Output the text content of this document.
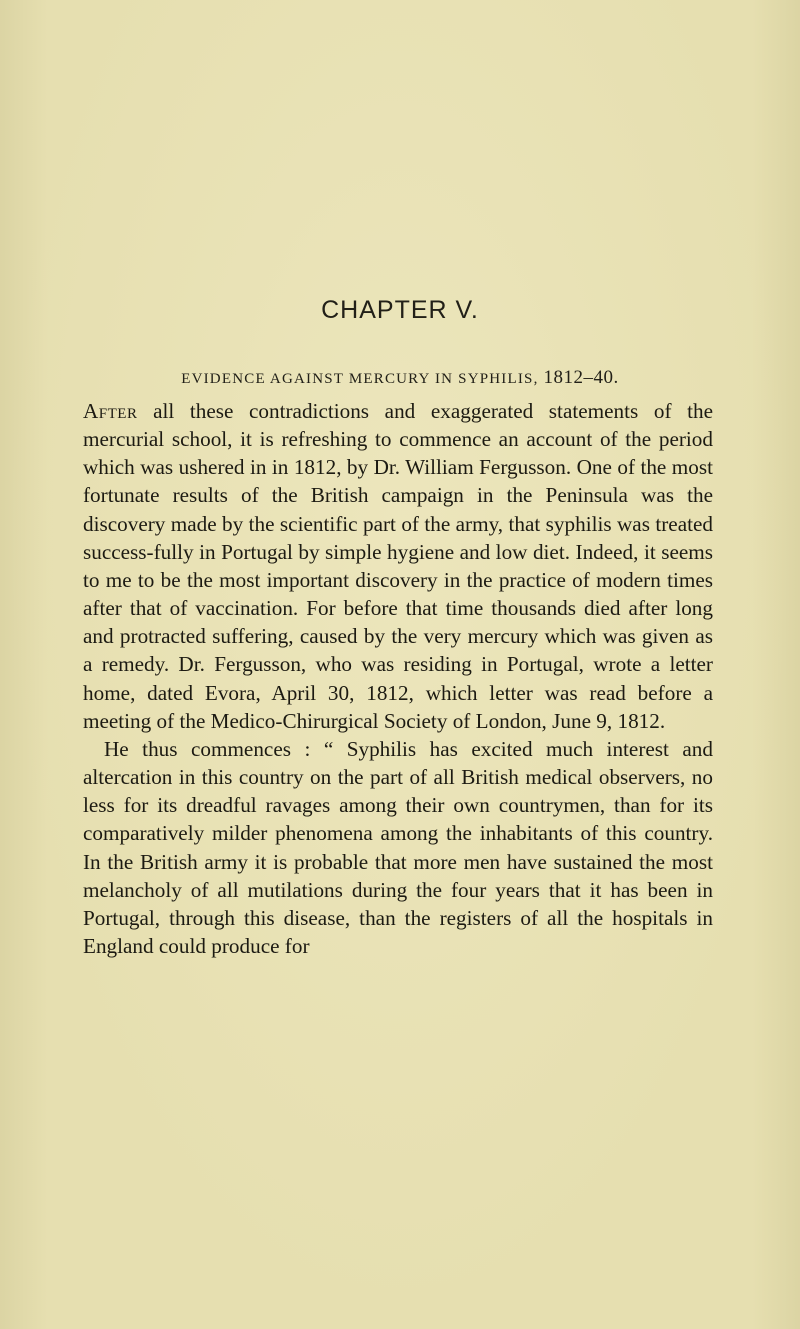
CHAPTER V.
EVIDENCE AGAINST MERCURY IN SYPHILIS, 1812–40.

After all these contradictions and exaggerated statements of the mercurial school, it is refreshing to commence an account of the period which was ushered in in 1812, by Dr. William Fergusson. One of the most fortunate results of the British campaign in the Peninsula was the discovery made by the scientific part of the army, that syphilis was treated success-fully in Portugal by simple hygiene and low diet. Indeed, it seems to me to be the most important discovery in the practice of modern times after that of vaccination. For before that time thousands died after long and protracted suffering, caused by the very mercury which was given as a remedy. Dr. Fergusson, who was residing in Portugal, wrote a letter home, dated Evora, April 30, 1812, which letter was read before a meeting of the Medico-Chirurgical Society of London, June 9, 1812.

He thus commences : “ Syphilis has excited much interest and altercation in this country on the part of all British medical observers, no less for its dreadful ravages among their own countrymen, than for its comparatively milder phenomena among the inhabitants of this country. In the British army it is probable that more men have sustained the most melancholy of all mutilations during the four years that it has been in Portugal, through this disease, than the registers of all the hospitals in England could produce for
